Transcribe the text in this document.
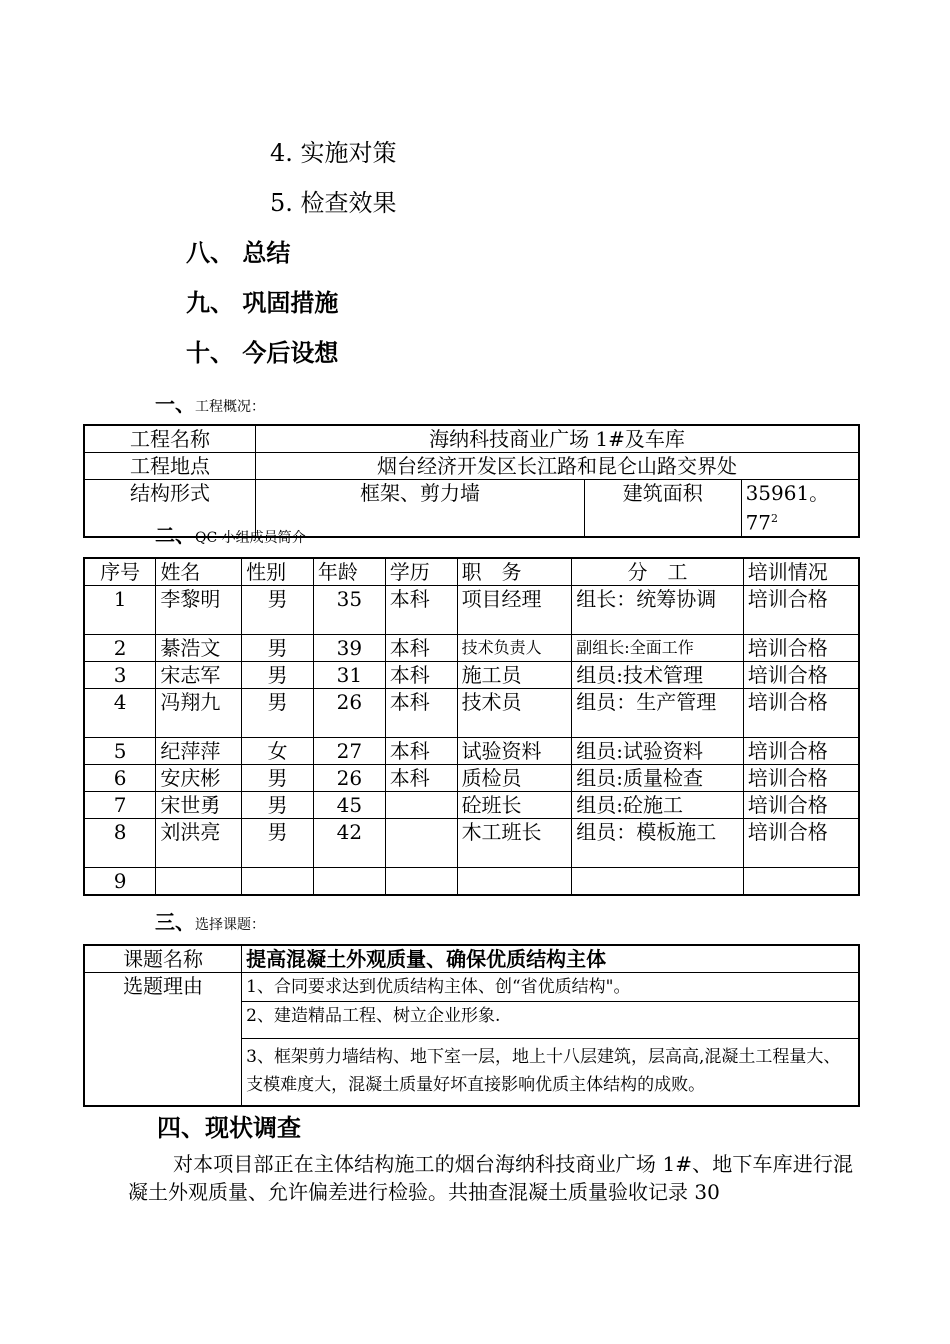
4. 实施对策
5. 检查效果
八、 总结
九、 巩固措施
十、 今后设想
一、工程概况：
工程名称	海纳科技商业广场 1#及车库		
工程地点	烟台经济开发区长江路和昆仑山路交界处		
结构形式	框架、剪力墙	建筑面积	35961。$77^2$
二、QC 小组成员简介
序号	姓名	性别	年龄	学历	职　务	分　工	培训情况
1	李黎明	男	35	本科	项目经理	组长：统筹协调	培训合格
2	綦浩文	男	39	本科	技术负责人	副组长:全面工作	培训合格
3	宋志军	男	31	本科	施工员	组员:技术管理	培训合格
4	冯翔九	男	26	本科	技术员	组员：生产管理	培训合格
5	纪萍萍	女	27	本科	试验资料	组员:试验资料	培训合格
6	安庆彬	男	26	本科	质检员	组员:质量检查	培训合格
7	宋世勇	男	45		砼班长	组员:砼施工	培训合格
8	刘洪亮	男	42		木工班长	组员：模板施工	培训合格
9							
三、选择课题：
课题名称	提高混凝土外观质量、确保优质结构主体
选题理由	1、合同要求达到优质结构主体、创“省优质结构"。
	2、建造精品工程、树立企业形象.
	3、框架剪力墙结构、地下室一层，地上十八层建筑，层高高,混凝土工程量大、支模难度大，混凝土质量好坏直接影响优质主体结构的成败。
四、现状调查
对本项目部正在主体结构施工的烟台海纳科技商业广场 1#、地下车库进行混凝土外观质量、允许偏差进行检验。共抽查混凝土质量验收记录 30
